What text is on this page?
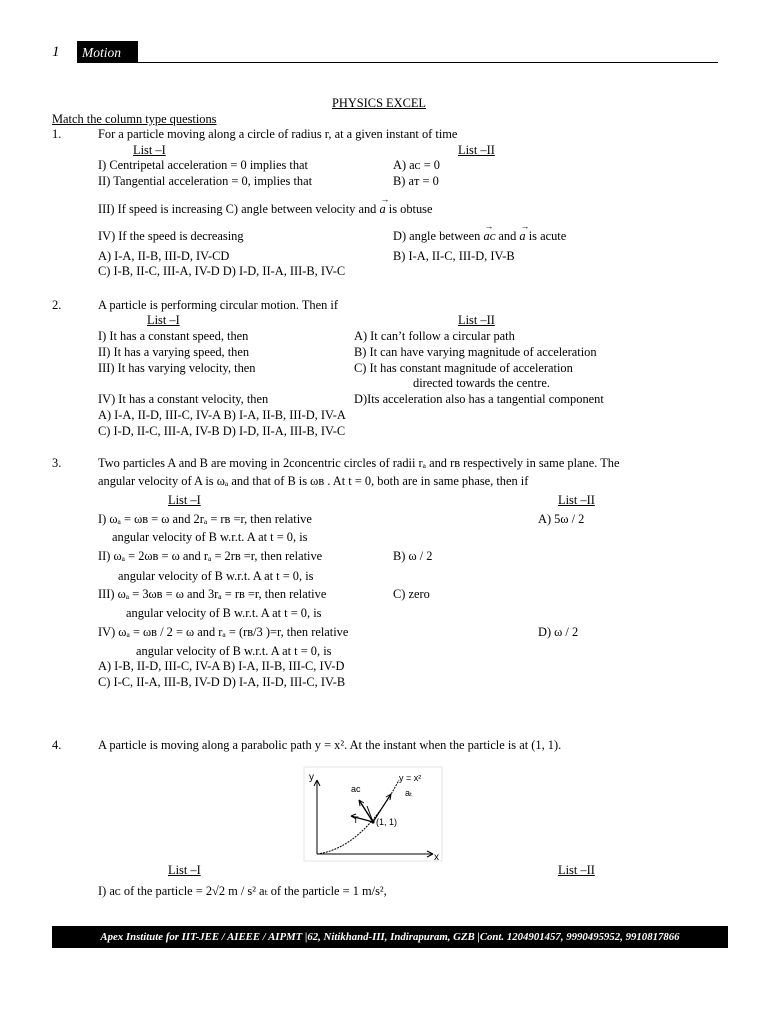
1 Motion
PHYSICS EXCEL
Match the column type questions
1.	For a particle moving along a circle of radius r, at a given instant of time
List –I	List –II
I) Centripetal acceleration = 0 implies that	A) aᴄ = 0
II) Tangential acceleration = 0, implies that	B) aᴛ = 0
III) If speed is increasing C) angle between velocity and → a is obtuse
IV) If the speed is decreasing	D) angle between → aᴄ and → a is acute
A) I-A, II-B, III-D, IV-CD	B) I-A, II-C, III-D, IV-B
C) I-B, II-C, III-A, IV-D D) I-D, II-A, III-B, IV-C
2.	A particle is performing circular motion. Then if
List –I	List –II
I) It has a constant speed, then	A) It can’t follow a circular path
II) It has a varying speed, then	B) It can have varying magnitude of acceleration
III) It has varying velocity, then	C) It has constant magnitude of acceleration
directed towards the centre.
IV) It has a constant velocity, then	D)Its acceleration also has a tangential component
A) I-A, II-D, III-C, IV-A B) I-A, II-B, III-D, IV-A
C) I-D, II-C, III-A, IV-B D) I-D, II-A, III-B, IV-C
3.	Two particles A and B are moving in 2concentric circles of radii rₐ and rʙ respectively in same plane. The
angular velocity of A is ωₐ and that of B is ωʙ . At t = 0, both are in same phase, then if
List –I	List –II
I) ωₐ = ωʙ = ω and 2rₐ = rʙ =r, then relative	A) 5ω / 2
angular velocity of B w.r.t. A at t = 0, is
II) ωₐ = 2ωʙ = ω and rₐ = 2rʙ =r, then relative	B) ω / 2
angular velocity of B w.r.t. A at t = 0, is
III) ωₐ = 3ωʙ = ω and 3rₐ = rʙ =r, then relative	C) zero
angular velocity of B w.r.t. A at t = 0, is
IV) ωₐ = ωʙ / 2 = ω and rₐ = (rʙ/3 )=r, then relative	D) ω / 2
angular velocity of B w.r.t. A at t = 0, is
A) I-B, II-D, III-C, IV-A B) I-A, II-B, III-C, IV-D
C) I-C, II-A, III-B, IV-D D) I-A, II-D, III-C, IV-B
4.	A particle is moving along a parabolic path y = x². At the instant when the particle is at (1, 1).
y
x
y = x²
aᴄ	aₜ
T (1, 1)
List –I	List –II
I) aᴄ of the particle = 2√2 m / s² aₜ of the particle = 1 m/s²,
Apex Institute for IIT-JEE / AIEEE / AIPMT |62, Nitikhand-III, Indirapuram, GZB |Cont. 1204901457, 9990495952, 9910817866
